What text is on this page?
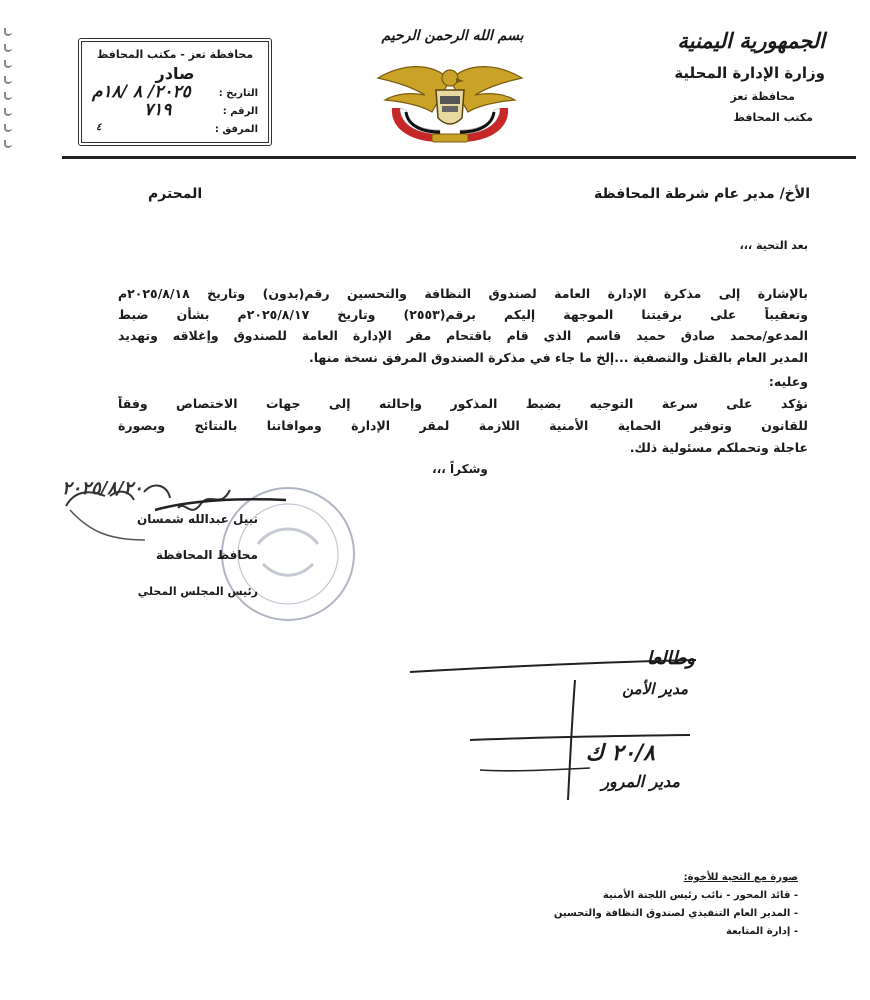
الجمهورية اليمنية
وزارة الإدارة المحلية
محافظة تعز
مكتب المحافظ
بسم الله الرحمن الرحيم
محافظة تعز - مكتب المحافظ
صادر
التاريخ :
٢٠٢٥/ ٨ /١٨م
الرقم :
٧١٩
المرفق :
٤
الأخ/ مدير عام شرطة المحافظة
المحترم
بعد التحية ،،،
بالإشارة إلى مذكرة الإدارة العامة لصندوق النظافة والتحسين رقم(بدون) وتاريخ ٢٠٢٥/٨/١٨م
وتعقيباً على برقيتنا الموجهة إليكم برقم(٢٥٥٣) وتاريخ ٢٠٢٥/٨/١٧م بشأن ضبط
المدعو/محمد صادق حميد قاسم الذي قام باقتحام مقر الإدارة العامة للصندوق وإغلاقه وتهديد
المدير العام بالقتل والتصفية ...إلخ ما جاء في مذكرة الصندوق المرفق نسخة منها.
وعليه:
نؤكد على سرعة التوجيه بضبط المذكور وإحالته إلى جهات الاختصاص وفقاً
للقانون وتوفير الحماية الأمنية اللازمة لمقر الإدارة وموافاتنا بالنتائج وبصورة
عاجلة وتحملكم مسئولية ذلك.
وشكراً ،،،
٢٠٢٥/٨/٢٠
نبيل عبدالله شمسان
محافظ المحافظة
رئيس المجلس المحلي
وطالعا
مدير الأمن
٢٠/٨ ك
مدير المرور
صورة مع التحية للأخوة:
- قائد المحور - نائب رئيس اللجنة الأمنية
- المدير العام التنفيذي لصندوق النظافة والتحسين
- إدارة المتابعة
